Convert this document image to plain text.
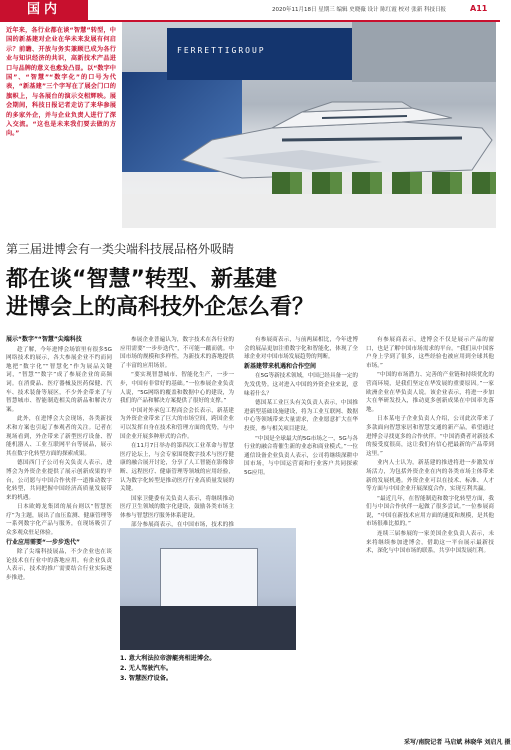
国内	2020年11月18日 星期三 编辑 史晓薇 设计 陈红霞 校对 张新 科技日报	A11
近年来，各行业都在谈“智慧”转型，中国的新基建对企业在华未来发展有何启示？前瞻、开放与务实兼顾已成为各行业与知识经济的共识，高新技术产品进口与品牌的意义也愈发凸显。以“数字中国”、“智慧”“数字化”的口号为代表，“新基建”三个字写在了展会门口的旗帜上，与各展台的演示交相辉映。展会期间，科技日报记者走访了来华参展的多家外企，并与企业负责人进行了深入交流。“这也是未来我们要去做的方向。”
FERRETTIGROUP
第三届进博会有一类尖端科技展品格外吸睛
都在谈“智慧”转型、新基建
进博会上的高科技外企怎么看？

展示“数字”“智慧”尖端科技

趁了解，今年进博会场馆里有很多5G网络技术的展示，各大参展企业不约而同地把“数字化”“智慧化”作为展品关键词，“智慧”“数字”成了参展企业的高频词。在消费品、医疗器械及医药保健、汽车、技术装备等展区，不少外企带来了与智慧城市、智能制造相关的新品和解决方案。

此外，在进博会大会现场，各类新技术和方案也引起了参观者的关注。记者在现场看到，外企带来了新型医疗设备、智能机器人、工业互联网平台等展品，展示其在数字化转型方面的探索成果。

德国西门子公司有关负责人表示，进博会为外资企业提供了展示创新成果的平台，公司愿与中国合作伙伴一道推动数字化转型，共同把握中国经济高质量发展带来的机遇。

日本欧姆龙集团的展台则以“智慧医疗”为主题，展出了血压监测、健康管理等一系列数字化产品与服务，在现场吸引了众多观众驻足体验。

行业应用需要“一步步迭代”

除了尖端科技展品，不少企业也在谈论技术在行业中的落地应用。有企业负责人表示，技术的推广需要结合行业实际逐步推进。

参展企业普遍认为，数字技术在各行业的应用需要“一步步迭代”，不可能一蹴而就。中国市场的规模和多样性，为新技术的落地提供了丰富的应用场景。

“要实现智慧城市、智能化生产，一步一步，中国有非常好的基础。”一位参展企业负责人说，“5G网络的覆盖和数据中心的建设，为我们的产品和解决方案提供了很好的支撑。”

中国对外承包工程商会会长表示，新基建为外资企业带来了巨大的市场空间，跨国企业可以发挥自身在技术和管理方面的优势，与中国企业开展多种形式的合作。

在11月7日举办的第四次工业革命与智慧医疗论坛上，与会专家围绕数字技术与医疗健康的融合展开讨论，分享了人工智能在影像诊断、远程医疗、健康管理等领域的应用经验，认为数字化转型是推动医疗行业高质量发展的关键。

国家卫健委有关负责人表示，将继续推动医疗卫生领域的数字化建设，鼓励各类市场主体参与智慧医疗服务体系建设。

部分参展商表示，在中国市场，技术的推

有参展商表示，与前两届相比，今年进博会的展品更加注重数字化和智能化，体现了全球企业对中国市场发展趋势的判断。

新基建带来机遇和合作空间

在5G等新技术领域，中国已经具备一定的先发优势。这对进入中国的外资企业来说，意味着什么？

德国某工业巨头有关负责人表示，中国推进新型基础设施建设，将为工业互联网、数据中心等领域带来大量需求，企业愿意扩大在华投资，参与相关项目建设。

“中国是全球最大的5G市场之一，5G与各行业的融合将催生新的业态和商业模式。”一位通信设备企业负责人表示，公司将继续深耕中国市场，与中国运营商和行业客户共同探索5G应用。

有参展商表示，进博会不仅是展示产品的窗口，也是了解中国市场需求的平台。“我们从中国客户身上学到了很多，这些经验也被应用到全球其他市场。”

“中国的市场潜力、完善的产业链和持续优化的营商环境，是我们坚定在华发展的重要原因。”一家欧洲企业在华负责人说。该企业表示，将进一步加大在华研发投入，推动更多创新成果在中国率先落地。

日本某电子企业负责人介绍，公司此次带来了多款面向智慧家居和智慧交通的新产品，希望通过进博会寻找更多的合作伙伴。“中国消费者对新技术的接受度很高，这让我们有信心把最新的产品带到这里。”

业内人士认为，新基建的推进将进一步激发市场活力，为包括外资企业在内的各类市场主体带来新的发展机遇。外资企业可以在技术、标准、人才等方面与中国企业开展深度合作，实现互利共赢。

“最近几年，在智能制造和数字化转型方面，我们与中国合作伙伴一起做了很多尝试。”一位参展商说，“中国在新技术应用方面的速度和规模，是其他市场很难比拟的。”

连续三届参展的一家美国企业负责人表示，未来将继续参加进博会，借助这一平台展示最新技术，深化与中国市场的联系，共享中国发展红利。

1. 意大利法拉帝游艇亮相进博会。
2. 无人驾驶汽车。
3. 智慧医疗设备。
采写/南院记者 马启斌 林晓华 刘启凡 摄
